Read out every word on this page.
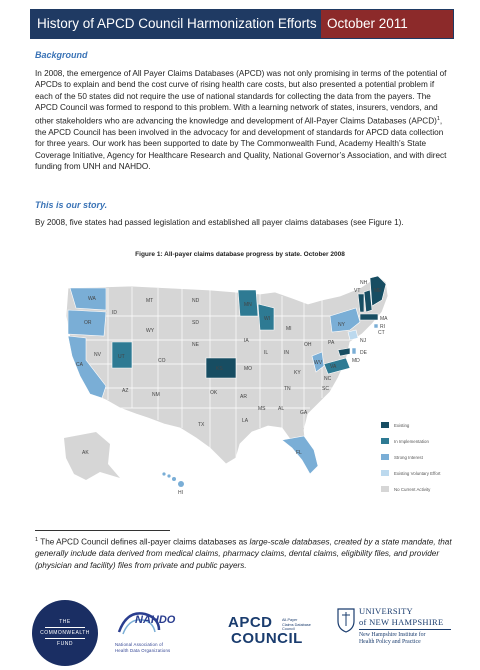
History of APCD Council Harmonization Efforts October 2011
Background
In 2008, the emergence of All Payer Claims Databases (APCD) was not only promising in terms of the potential of APCDs to explain and bend the cost curve of rising health care costs, but also presented a potential problem if each of the 50 states did not require the use of national standards for collecting the data from the payers. The APCD Council was formed to respond to this problem. With a learning network of states, insurers, vendors, and other stakeholders who are advancing the knowledge and development of All-Payer Claims Databases (APCD)$^1$, the APCD Council has been involved in the advocacy for and development of standards for APCD data collection for three years. Our work has been supported to date by The Commonwealth Fund, Academy Health’s State Coverage Initiative, Agency for Healthcare Research and Quality, National Governor’s Association, and with direct funding from UNH and NAHDO.
This is our story.
By 2008, five states had passed legislation and established all payer claims databases (see Figure 1).
Figure 1: All-payer claims database progress by state. October 2008
WA
OR
CA
NV
ID
MT
WY
UT
CO
AZ
NM
ND
SD
NE
KS
OK
TX
MN
IA
MO
AR
LA
WI
IL
MS
IN
AL
MI
KY
TN
GA
OH
SC
NC
VA
WV
PA
NY
FL
VT
NH
ME
MA
RI
CT
NJ
DE
MD
AK
HI
Existing
In Implementation
Strong Interest
Existing Voluntary Effort
No Current Activity
$^1$ The APCD Council defines all-payer claims databases as large-scale databases, created by a state mandate, that generally include data derived from medical claims, pharmacy claims, dental claims, eligibility files, and provider (physician and facility) files from private and public payers.
THE
COMMONWEALTH
FUND
NAHDO
National Association of
Health Data Organizations
APCD All-Payer
Claims Database
Council
COUNCIL
UNIVERSITY
of NEW HAMPSHIRE
New Hampshire Institute for
Health Policy and Practice
